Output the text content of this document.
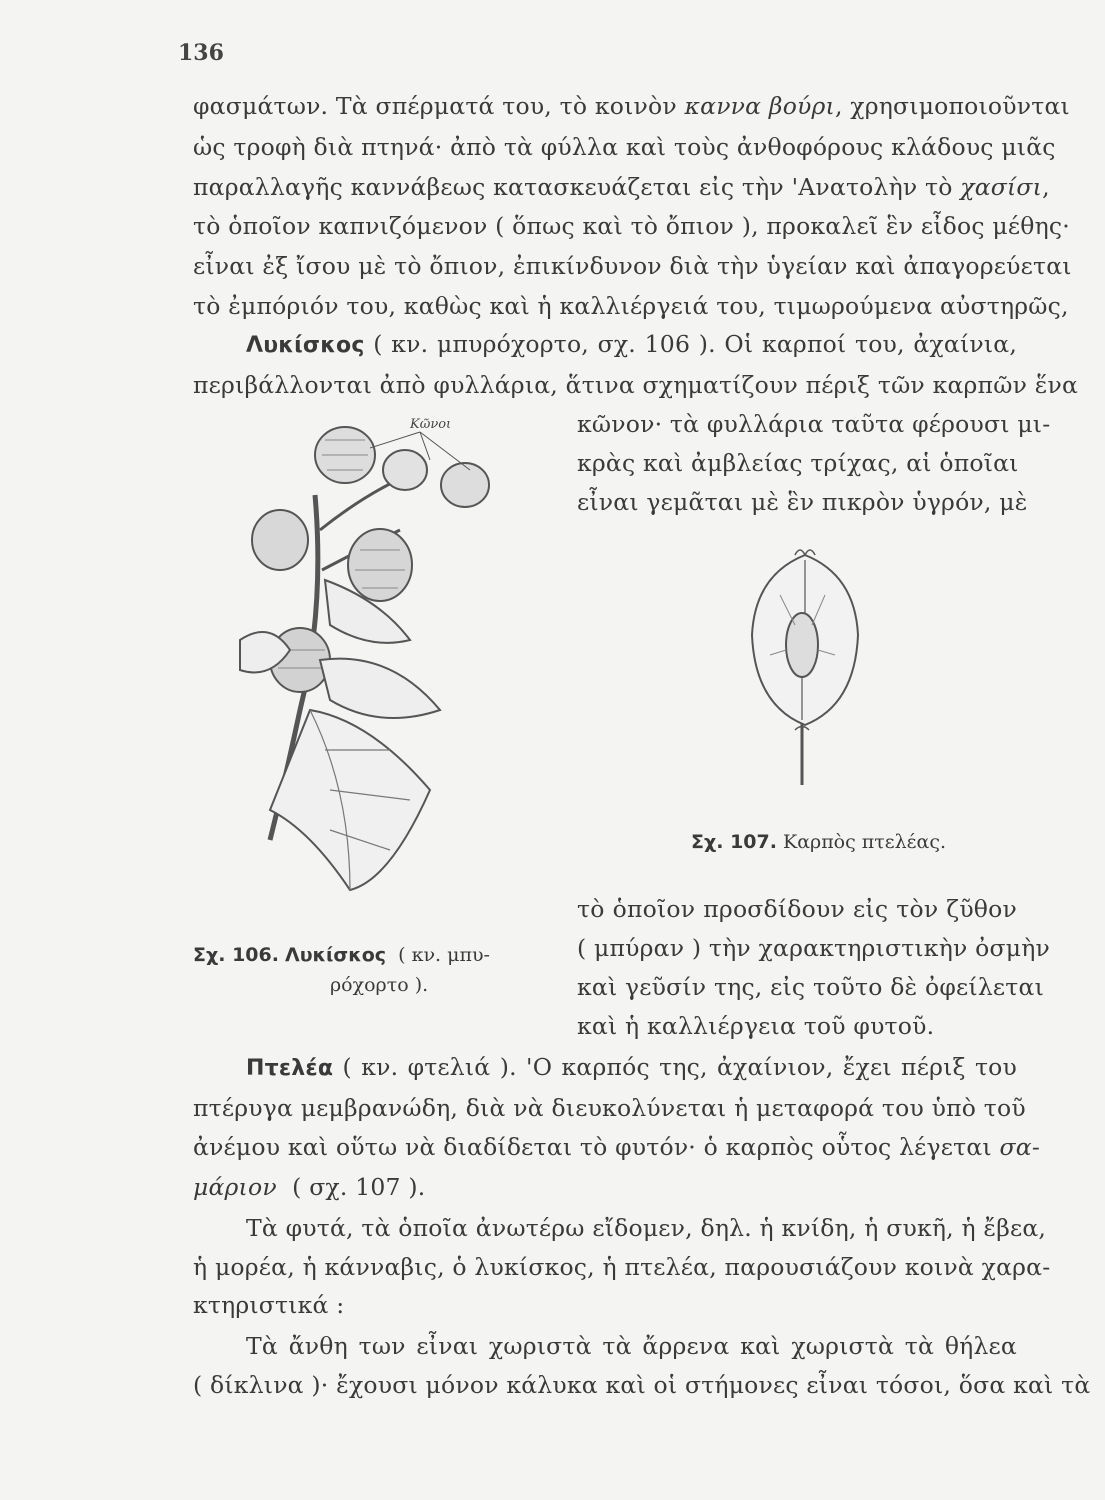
136
φασμάτων. Τὰ σπέρματά του, τὸ κοινὸν καννα βούρι, χρησιμοποιοῦνται
ὡς τροφὴ διὰ πτηνά· ἀπὸ τὰ φύλλα καὶ τοὺς ἀνθοφόρους κλάδους μιᾶς
παραλλαγῆς καννάβεως κατασκευάζεται εἰς τὴν 'Ανατολὴν τὸ χασίσι,
τὸ ὁποῖον καπνιζόμενον ( ὅπως καὶ τὸ ὄπιον ), προκαλεῖ ἓν εἶδος μέθης·
εἶναι ἐξ ἴσου μὲ τὸ ὄπιον, ἐπικίνδυνον διὰ τὴν ὑγείαν καὶ ἀπαγορεύεται
τὸ ἐμπόριόν του, καθὼς καὶ ἡ καλλιέργειά του, τιμωρούμενα αὐστηρῶς,
Λυκίσκος ( κν. μπυρόχορτο, σχ. 106 ). Οἱ καρποί του, ἀχαίνια,
περιβάλλονται ἀπὸ φυλλάρια, ἅτινα σχηματίζουν πέριξ τῶν καρπῶν ἕνα
κῶνον· τὰ φυλλάρια ταῦτα φέρουσι μι-
κρὰς καὶ ἀμβλείας τρίχας, αἱ ὁποῖαι
εἶναι γεμᾶται μὲ ἓν πικρὸν ὑγρόν, μὲ
τὸ ὁποῖον προσδίδουν εἰς τὸν ζῦθον
( μπύραν ) τὴν χαρακτηριστικὴν ὀσμὴν
καὶ γεῦσίν της, εἰς τοῦτο δὲ ὀφείλεται
καὶ ἡ καλλιέργεια τοῦ φυτοῦ.
Κῶνοι
Σχ. 106. Λυκίσκος ( κν. μπυ-
ρόχορτο ).
Σχ. 107. Καρπὸς πτελέας.
Πτελέα ( κν. φτελιά ). 'Ο καρπός της, ἀχαίνιον, ἔχει πέριξ του
πτέρυγα μεμβρανώδη, διὰ νὰ διευκολύνεται ἡ μεταφορά του ὑπὸ τοῦ
ἀνέμου καὶ οὕτω νὰ διαδίδεται τὸ φυτόν· ὁ καρπὸς οὗτος λέγεται σα-
μάριον ( σχ. 107 ).
Τὰ φυτά, τὰ ὁποῖα ἀνωτέρω εἴδομεν, δηλ. ἡ κνίδη, ἡ συκῆ, ἡ ἔβεα,
ἡ μορέα, ἡ κάνναβις, ὁ λυκίσκος, ἡ πτελέα, παρουσιάζουν κοινὰ χαρα-
κτηριστικά :
Τὰ ἄνθη των εἶναι χωριστὰ τὰ ἄρρενα καὶ χωριστὰ τὰ θήλεα
( δίκλινα )· ἔχουσι μόνον κάλυκα καὶ οἱ στήμονες εἶναι τόσοι, ὅσα καὶ τὰ
